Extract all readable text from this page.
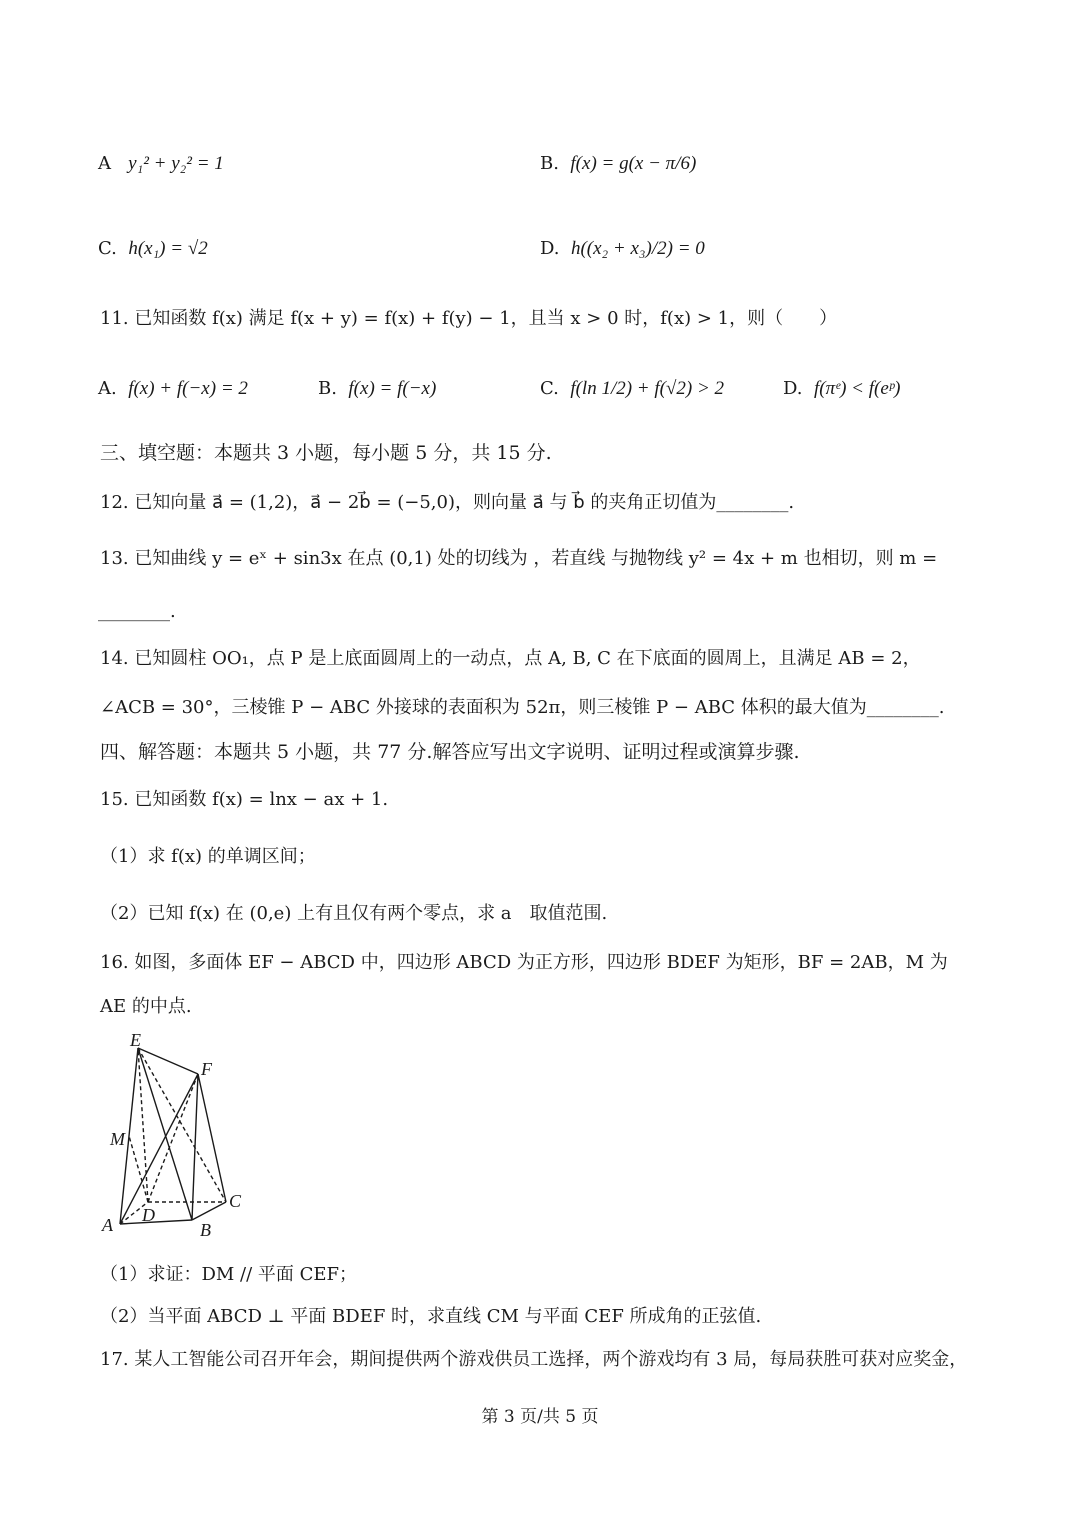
A y₁² + y₂² = 1	B. f(x) = g(x − π/6)
C. h(x₁) = √2	D. h((x₂ + x₃)/2) = 0
11. 已知函数 f(x) 满足 f(x + y) = f(x) + f(y) − 1，且当 x > 0 时，f(x) > 1，则（　　）
A. f(x) + f(−x) = 2	B. f(x) = f(−x)	C. f(ln 1/2) + f(√2) > 2	D. f(πᵉ) < f(eᵖ)
三、填空题：本题共 3 小题，每小题 5 分，共 15 分.
12. 已知向量 a⃗ = (1,2)，a⃗ − 2b⃗ = (−5,0)，则向量 a⃗ 与 b⃗ 的夹角正切值为________.
13. 已知曲线 y = eˣ + sin3x 在点 (0,1) 处的切线为 ，若直线 与抛物线 y² = 4x + m 也相切，则 m =
________.
14. 已知圆柱 OO₁，点 P 是上底面圆周上的一动点，点 A, B, C 在下底面的圆周上，且满足 AB = 2，
∠ACB = 30°，三棱锥 P − ABC 外接球的表面积为 52π，则三棱锥 P − ABC 体积的最大值为________.
四、解答题：本题共 5 小题，共 77 分.解答应写出文字说明、证明过程或演算步骤.
15. 已知函数 f(x) = lnx − ax + 1.
（1）求 f(x) 的单调区间；
（2）已知 f(x) 在 (0,e) 上有且仅有两个零点，求 a　取值范围.
16. 如图，多面体 EF − ABCD 中，四边形 ABCD 为正方形，四边形 BDEF 为矩形，BF = 2AB，M 为
AE 的中点.
E
F
M
A D
B
C
（1）求证：DM // 平面 CEF；
（2）当平面 ABCD ⊥ 平面 BDEF 时，求直线 CM 与平面 CEF 所成角的正弦值.
17. 某人工智能公司召开年会，期间提供两个游戏供员工选择，两个游戏均有 3 局，每局获胜可获对应奖金，
第 3 页/共 5 页
